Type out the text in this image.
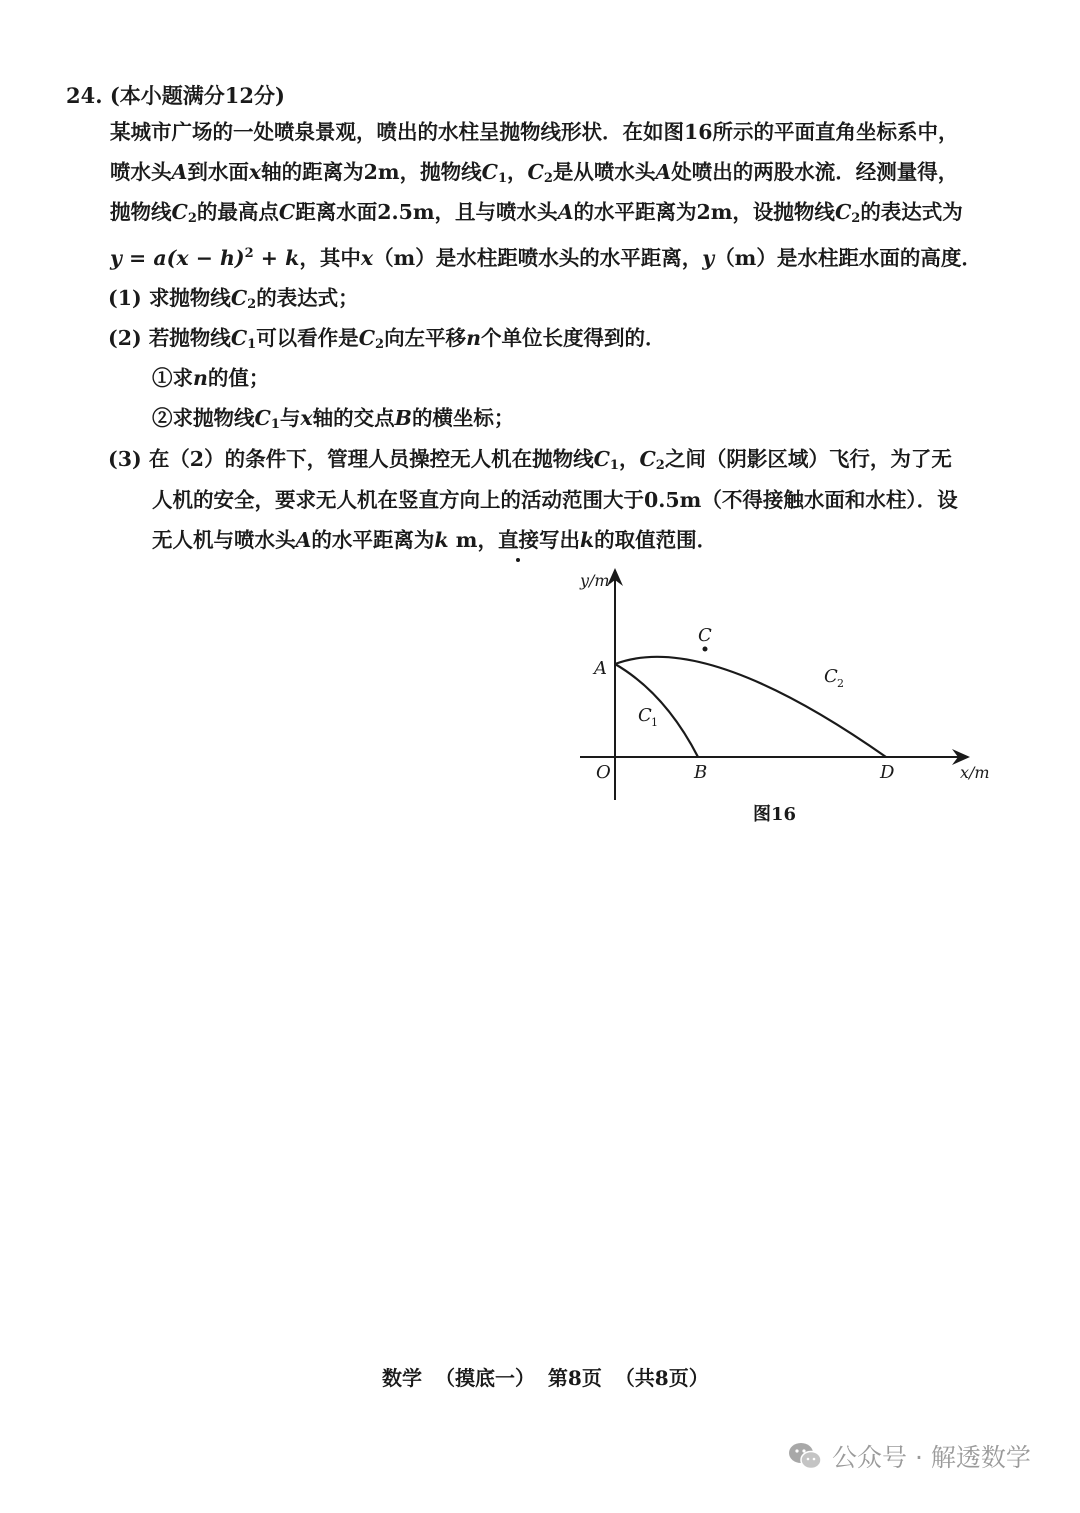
24. (本小题满分12分)
某城市广场的一处喷泉景观，喷出的水柱呈抛物线形状．在如图16所示的平面直角坐标系中，
喷水头A到水面x轴的距离为2m，抛物线$C_1$，$C_2$是从喷水头A处喷出的两股水流．经测量得，
抛物线$C_2$的最高点C距离水面2.5m，且与喷水头A的水平距离为2m，设抛物线$C_2$的表达式为
$y = a(x - h)^2 + k$，其中x（m）是水柱距喷水头的水平距离，y（m）是水柱距水面的高度．
(1) 求抛物线$C_2$的表达式；
(2) 若抛物线$C_1$可以看作是$C_2$向左平移n个单位长度得到的．
①求n的值；
②求抛物线$C_1$与x轴的交点B的横坐标；
(3) 在（2）的条件下，管理人员操控无人机在抛物线$C_1$，$C_2$之间（阴影区域）飞行，为了无
人机的安全，要求无人机在竖直方向上的活动范围大于0.5m（不得接触水面和水柱）．设
无人机与喷水头A的水平距离为k m，直接写出k的取值范围．
y/m
x/m
O
A
B
C
D
C 1
C 2
图16
数学 （摸底一） 第8页 （共8页）
公众号 · 解透数学
